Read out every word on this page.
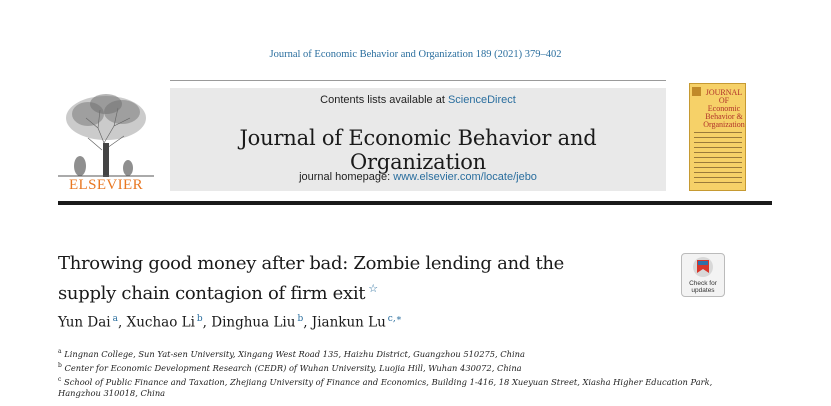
Journal of Economic Behavior and Organization 189 (2021) 379–402
ELSEVIER
Contents lists available at ScienceDirect
Journal of Economic Behavior and Organization
journal homepage: www.elsevier.com/locate/jebo
JOURNAL OF
Economic
Behavior &
Organization
Throwing good money after bad: Zombie lending and the
supply chain contagion of firm exit ☆	Check for
updates
Yun Dai $^a$, Xuchao Li $^b$, Dinghua Liu $^b$, Jiankun Lu $^{c,∗}$
$^a$ Lingnan College, Sun Yat-sen University, Xingang West Road 135, Haizhu District, Guangzhou 510275, China
$^b$ Center for Economic Development Research (CEDR) of Wuhan University, Luojia Hill, Wuhan 430072, China
$^c$ School of Public Finance and Taxation, Zhejiang University of Finance and Economics, Building 1-416, 18 Xueyuan Street, Xiasha Higher Education Park, Hangzhou 310018, China
